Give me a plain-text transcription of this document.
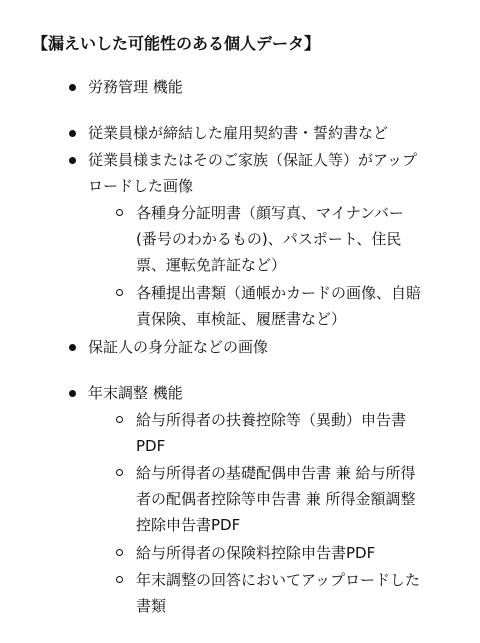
【漏えいした可能性のある個人データ】

労務管理 機能

従業員様が締結した雇用契約書・誓約書など

従業員様またはそのご家族（保証人等）がアップ
ロードした画像

各種身分証明書（顔写真、マイナンバー
(番号のわかるもの)、パスポート、住民
票、運転免許証など）

各種提出書類（通帳かカードの画像、自賠
責保険、車検証、履歴書など）

保証人の身分証などの画像

年末調整 機能

給与所得者の扶養控除等（異動）申告書
PDF

給与所得者の基礎配偶申告書 兼 給与所得
者の配偶者控除等申告書 兼 所得金額調整
控除申告書PDF

給与所得者の保険料控除申告書PDF

年末調整の回答においてアップロードした
書類
